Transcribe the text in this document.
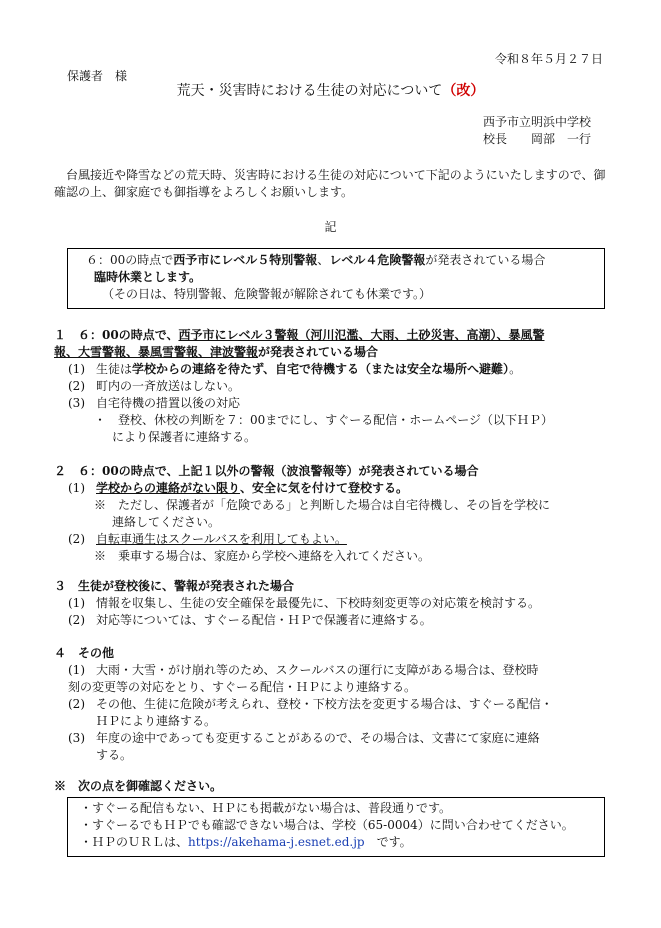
令和８年５月２７日
保護者　様
荒天・災害時における生徒の対応について（改）
西予市立明浜中学校
校長　　岡部　一行
台風接近や降雪などの荒天時、災害時における生徒の対応について下記のようにいたしますので、御確認の上、御家庭でも御指導をよろしくお願いします。
記
６：00の時点で西予市にレベル５特別警報、レベル４危険警報が発表されている場合
臨時休業とします。
（その日は、特別警報、危険警報が解除されても休業です。）
１　６：00の時点で、西予市にレベル３警報（河川氾濫、大雨、土砂災害、高潮）、暴風警
報、大雪警報、暴風雪警報、津波警報が発表されている場合
(1) 生徒は学校からの連絡を待たず、自宅で待機する（または安全な場所へ避難）。
(2) 町内の一斉放送はしない。
(3) 自宅待機の措置以後の対応
・　登校、休校の判断を７：00までにし、すぐーる配信・ホームページ（以下ＨＰ）
により保護者に連絡する。
２　６：00の時点で、上記１以外の警報（波浪警報等）が発表されている場合
(1) 学校からの連絡がない限り、安全に気を付けて登校する。
※　ただし、保護者が「危険である」と判断した場合は自宅待機し、その旨を学校に
連絡してください。
(2) 自転車通生はスクールバスを利用してもよい。
※　乗車する場合は、家庭から学校へ連絡を入れてください。
３　生徒が登校後に、警報が発表された場合
(1) 情報を収集し、生徒の安全確保を最優先に、下校時刻変更等の対応策を検討する。
(2) 対応等については、すぐーる配信・ＨＰで保護者に連絡する。
４　その他
(1) 大雨・大雪・がけ崩れ等のため、スクールバスの運行に支障がある場合は、登校時
刻の変更等の対応をとり、すぐーる配信・ＨＰにより連絡する。
(2) その他、生徒に危険が考えられ、登校・下校方法を変更する場合は、すぐーる配信・
ＨＰにより連絡する。
(3) 年度の途中であっても変更することがあるので、その場合は、文書にて家庭に連絡
する。
※　次の点を御確認ください。
・すぐーる配信もない、ＨＰにも掲載がない場合は、普段通りです。
・すぐーるでもＨＰでも確認できない場合は、学校（65-0004）に問い合わせてください。
・ＨＰのＵＲＬは、https://akehama-j.esnet.ed.jp　です。
